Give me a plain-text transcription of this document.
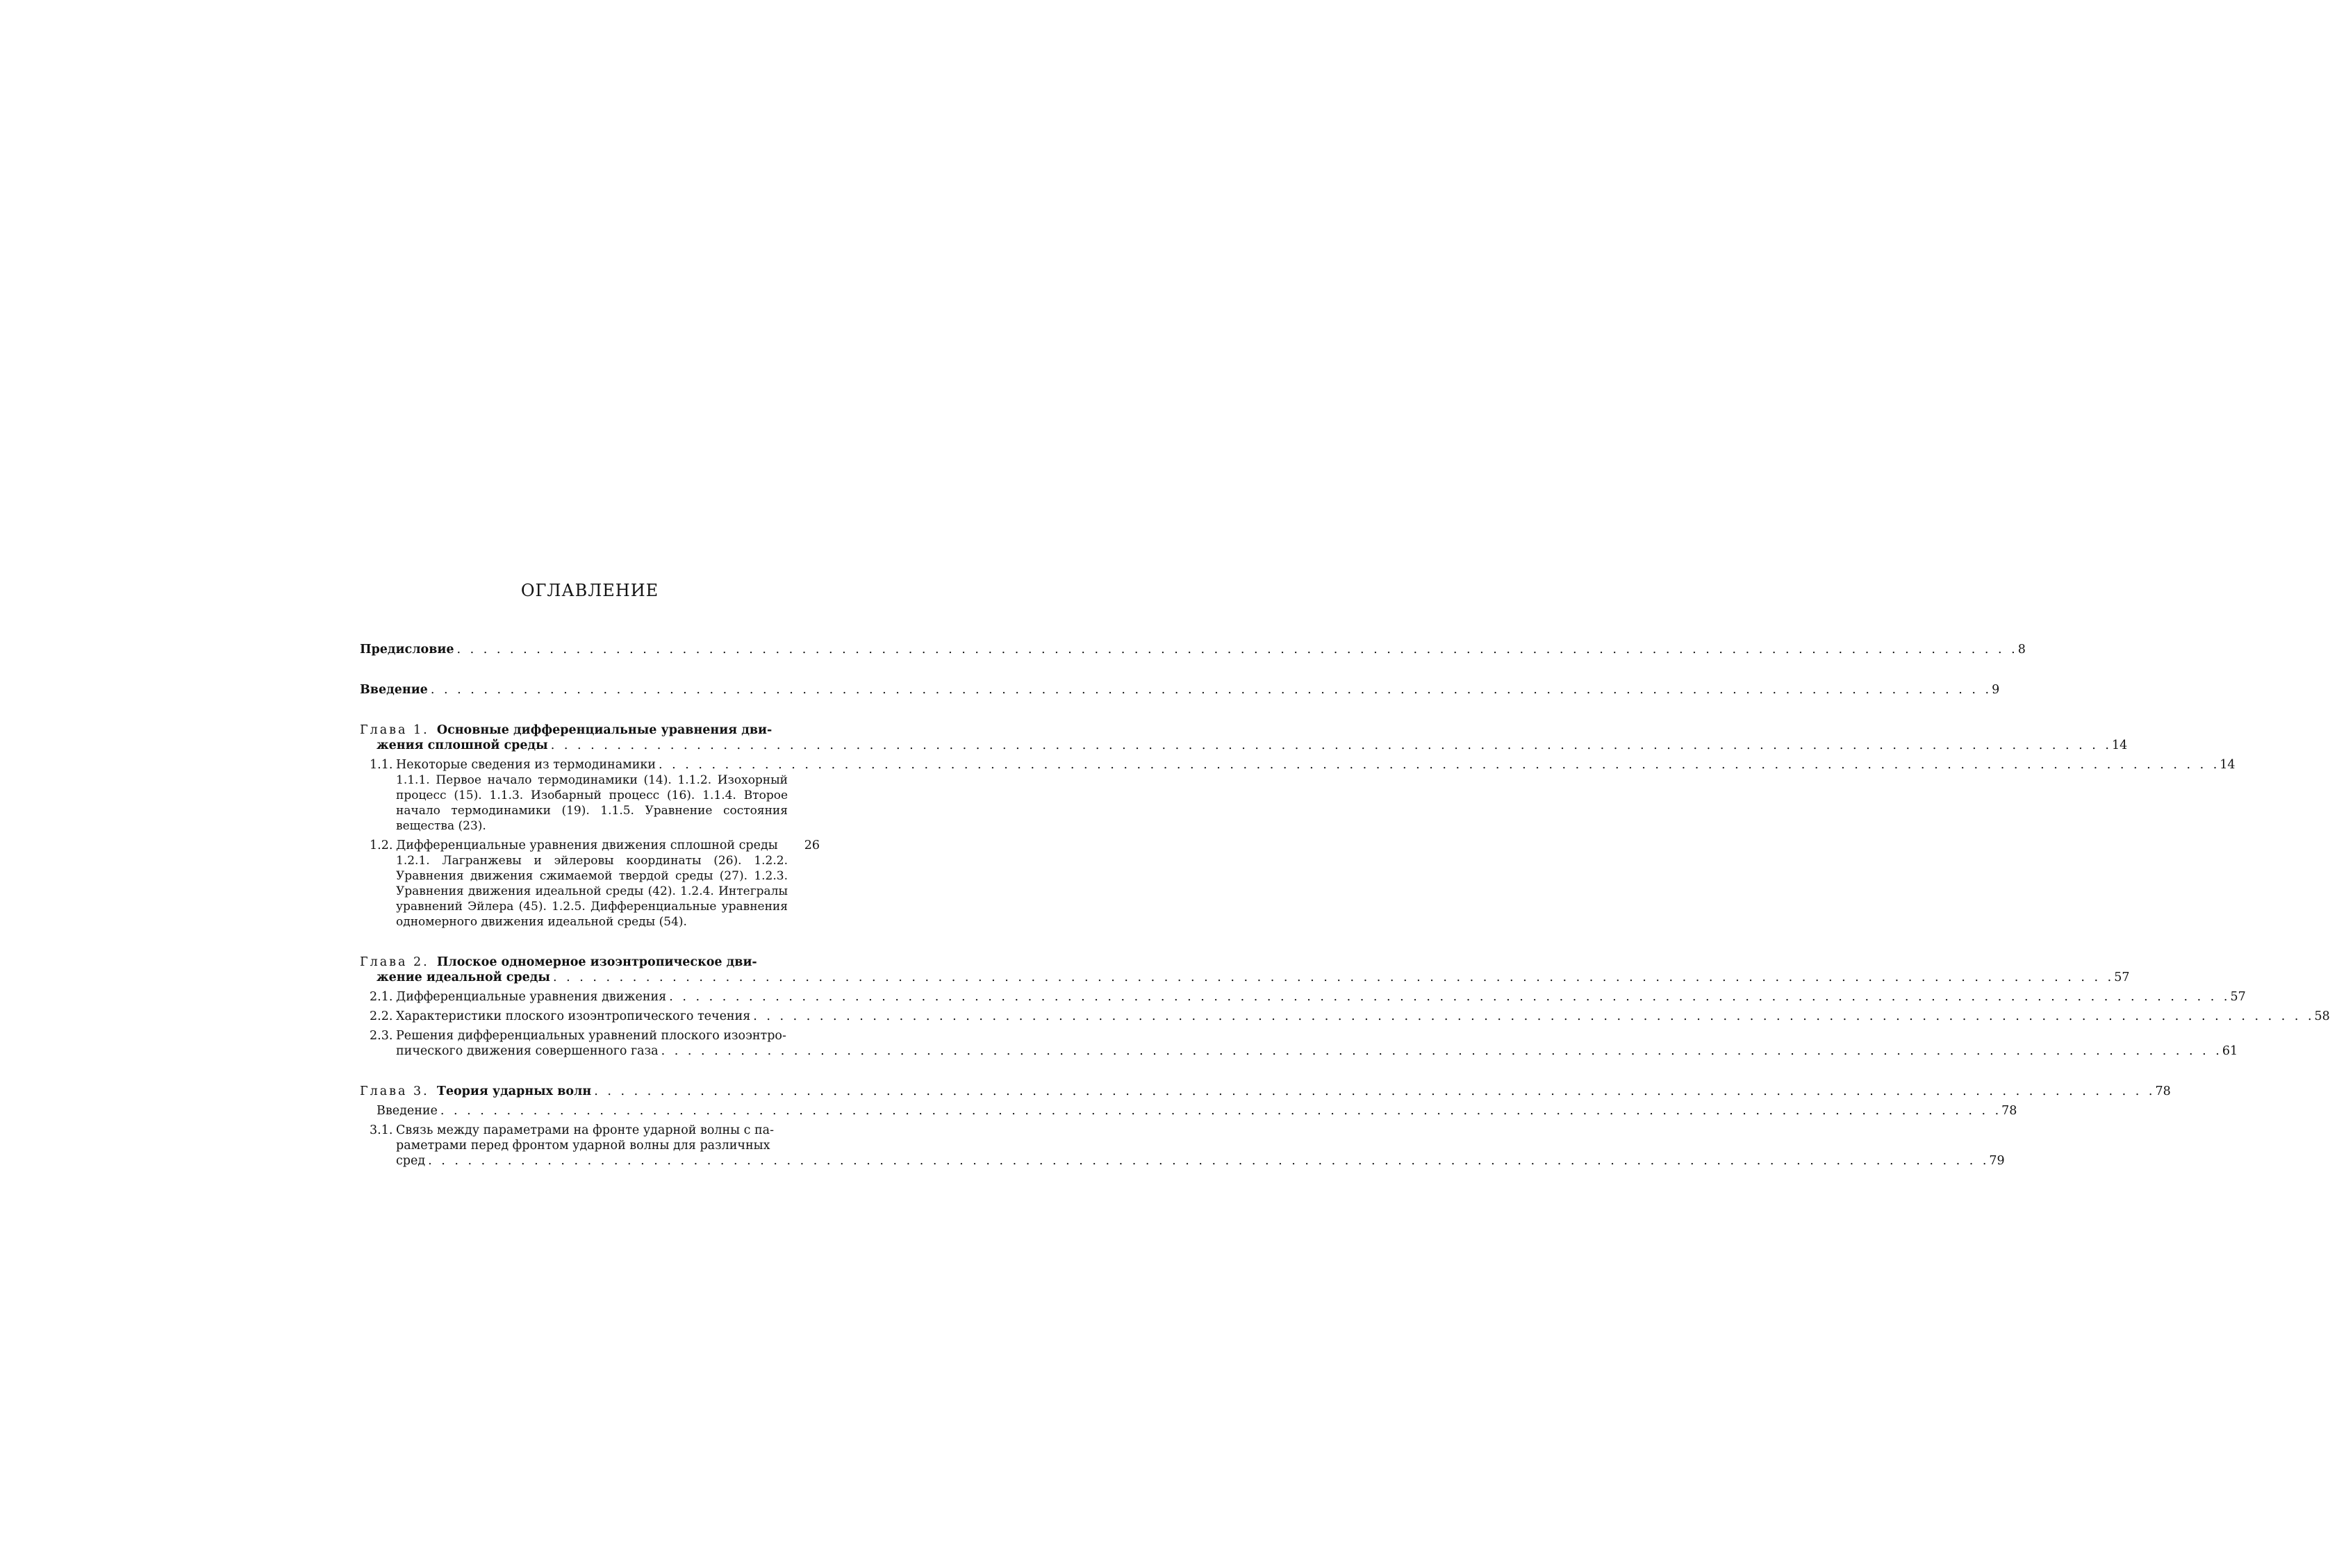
ОГЛАВЛЕНИЕ
Предисловие . . .	8
Введение . . .	9
Глава 1. Основные дифференциальные уравнения дви-
жения сплошной среды . . .	14
1.1. Некоторые сведения из термодинамики . . .	14
1.1.1. Первое начало термодинамики (14). 1.1.2. Изохорный процесс (15). 1.1.3. Изобарный процесс (16). 1.1.4. Второе начало термодинамики (19). 1.1.5. Уравнение состояния вещества (23).
1.2. Дифференциальные уравнения движения сплошной среды	26
1.2.1. Лагранжевы и эйлеровы координаты (26). 1.2.2. Уравнения движения сжимаемой твердой среды (27). 1.2.3. Уравнения движения идеальной среды (42). 1.2.4. Интегралы уравнений Эйлера (45). 1.2.5. Дифференциальные уравнения одномерного движения идеальной среды (54).
Глава 2. Плоское одномерное изоэнтропическое дви-
жение идеальной среды . . .	57
2.1. Дифференциальные уравнения движения . . .	57
2.2. Характеристики плоского изоэнтропического течения . . .	58
2.3. Решения дифференциальных уравнений плоского изоэнтро-
пического движения совершенного газа . . .	61
Глава 3. Теория ударных волн . . .	78
Введение . . .	78
3.1. Связь между параметрами на фронте ударной волны с па-
раметрами перед фронтом ударной волны для различных
сред . . .	79
